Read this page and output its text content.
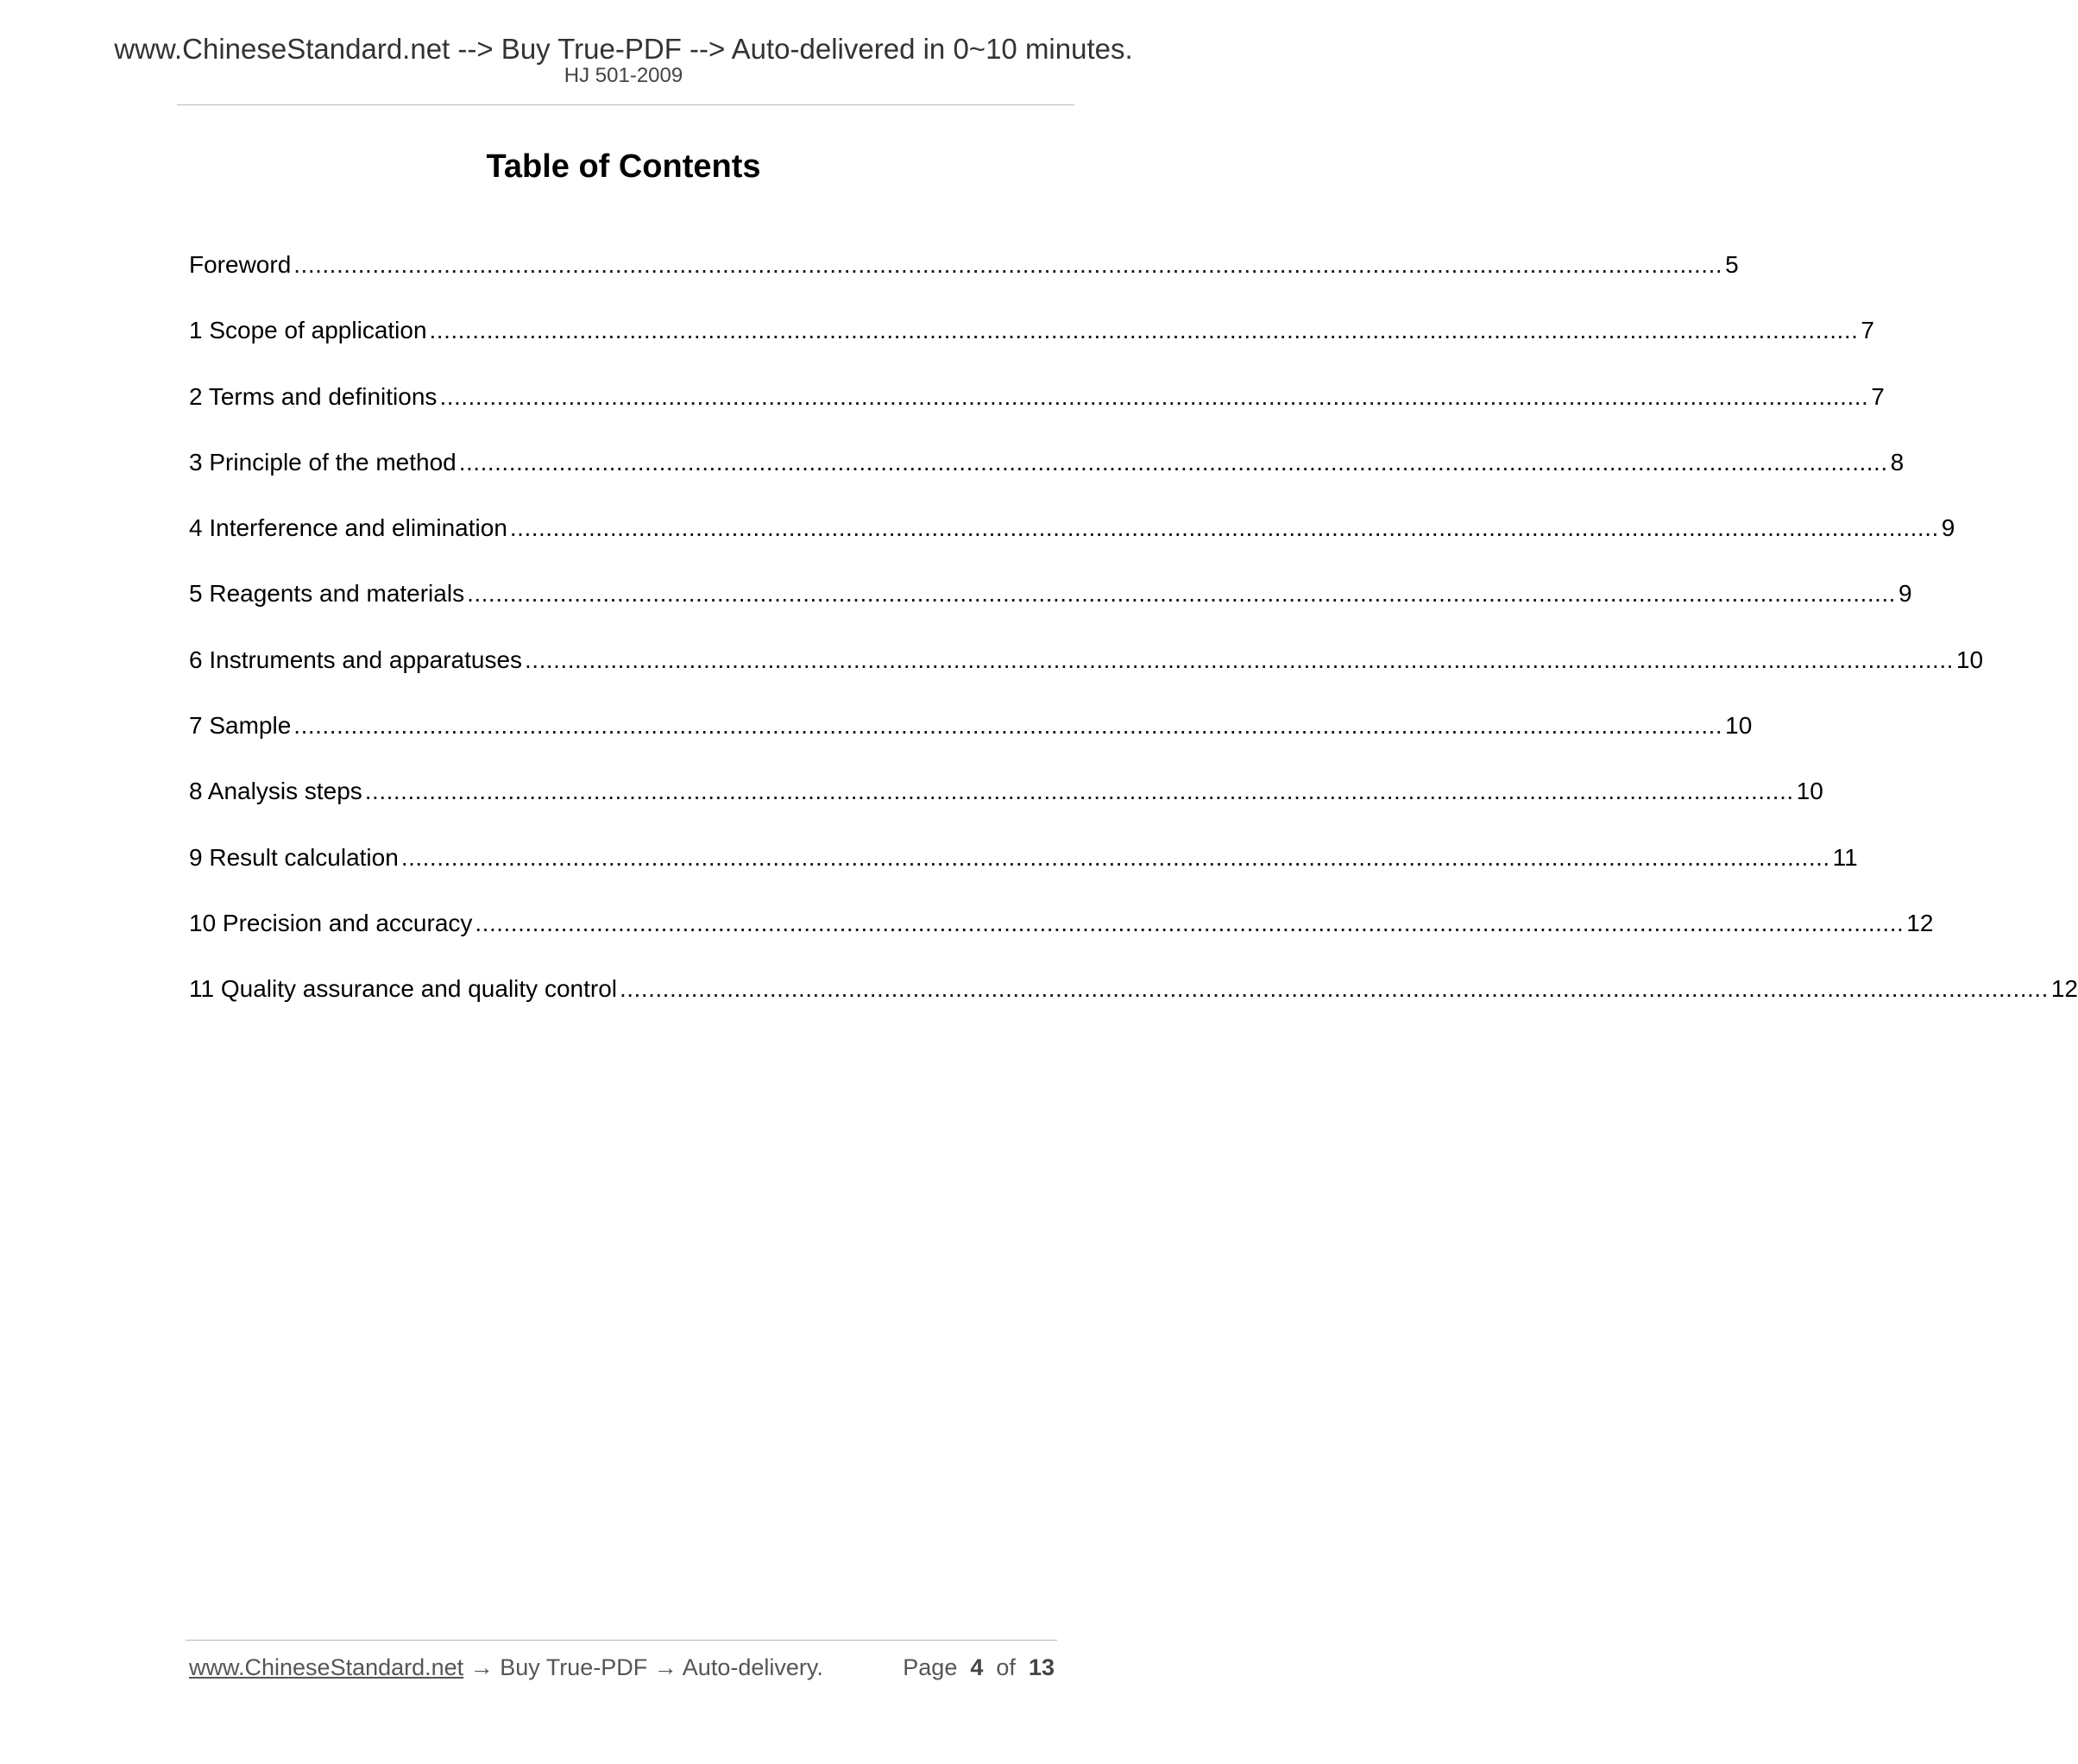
www.ChineseStandard.net --> Buy True-PDF --> Auto-delivered in 0~10 minutes.
HJ 501-2009
Table of Contents
Foreword ........................................................................................................................................................................................................ 5
1 Scope of application ........................................................................................................................................................................................................ 7
2 Terms and definitions ........................................................................................................................................................................................................ 7
3 Principle of the method ........................................................................................................................................................................................................ 8
4 Interference and elimination ........................................................................................................................................................................................................ 9
5 Reagents and materials ........................................................................................................................................................................................................ 9
6 Instruments and apparatuses ........................................................................................................................................................................................................ 10
7 Sample ........................................................................................................................................................................................................ 10
8 Analysis steps ........................................................................................................................................................................................................ 10
9 Result calculation ........................................................................................................................................................................................................ 11
10 Precision and accuracy ........................................................................................................................................................................................................ 12
11 Quality assurance and quality control ........................................................................................................................................................................................................ 12
www.ChineseStandard.net → Buy True-PDF → Auto-delivery.	Page 4 of 13
